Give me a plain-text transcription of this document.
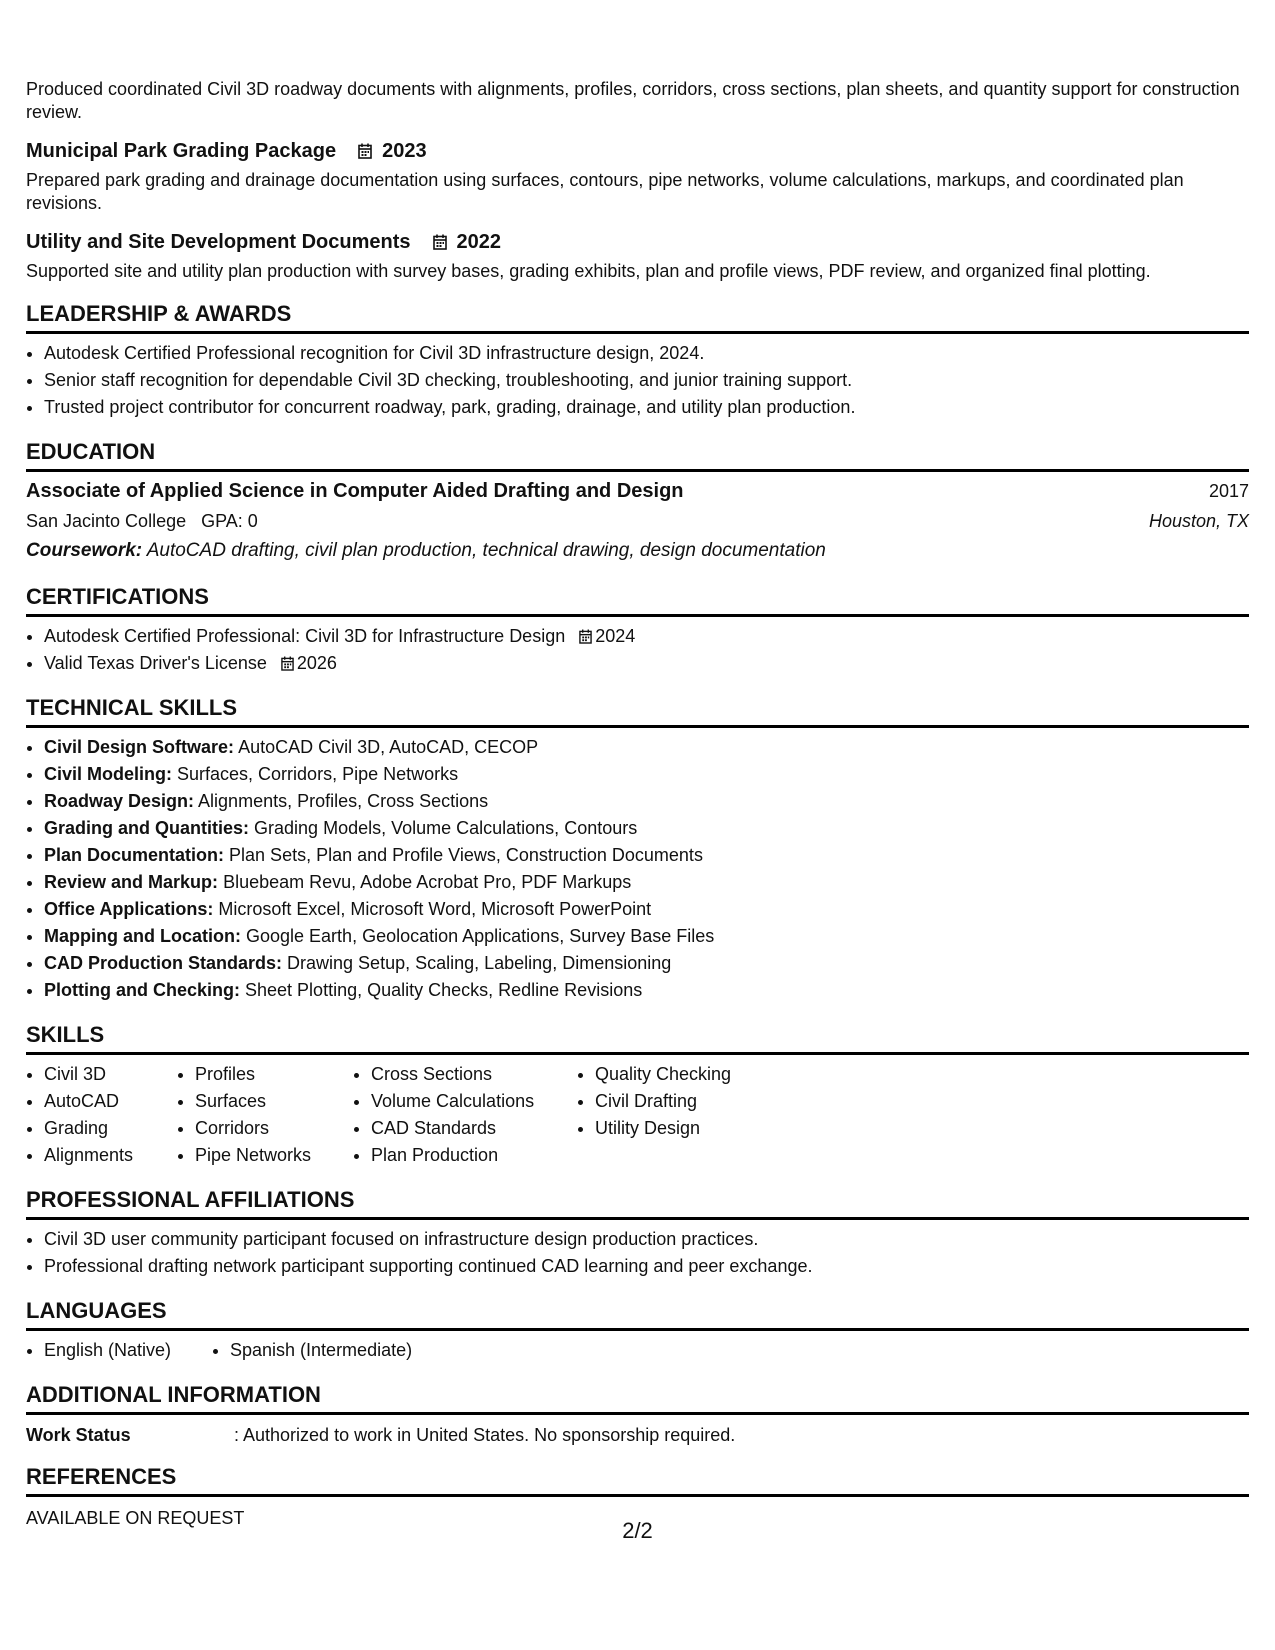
Produced coordinated Civil 3D roadway documents with alignments, profiles, corridors, cross sections, plan sheets, and quantity support for construction review.

Municipal Park Grading Package 2023

Prepared park grading and drainage documentation using surfaces, contours, pipe networks, volume calculations, markups, and coordinated plan revisions.

Utility and Site Development Documents 2022

Supported site and utility plan production with survey bases, grading exhibits, plan and profile views, PDF review, and organized final plotting.

LEADERSHIP & AWARDS
• Autodesk Certified Professional recognition for Civil 3D infrastructure design, 2024.
• Senior staff recognition for dependable Civil 3D checking, troubleshooting, and junior training support.
• Trusted project contributor for concurrent roadway, park, grading, drainage, and utility plan production.
EDUCATION
Associate of Applied Science in Computer Aided Drafting and Design	2017
San Jacinto College GPA: 0	Houston, TX
Coursework: AutoCAD drafting, civil plan production, technical drawing, design documentation
CERTIFICATIONS
• Autodesk Certified Professional: Civil 3D for Infrastructure Design 2024
• Valid Texas Driver's License 2026
TECHNICAL SKILLS
• Civil Design Software: AutoCAD Civil 3D, AutoCAD, CECOP
• Civil Modeling: Surfaces, Corridors, Pipe Networks
• Roadway Design: Alignments, Profiles, Cross Sections
• Grading and Quantities: Grading Models, Volume Calculations, Contours
• Plan Documentation: Plan Sets, Plan and Profile Views, Construction Documents
• Review and Markup: Bluebeam Revu, Adobe Acrobat Pro, PDF Markups
• Office Applications: Microsoft Excel, Microsoft Word, Microsoft PowerPoint
• Mapping and Location: Google Earth, Geolocation Applications, Survey Base Files
• CAD Production Standards: Drawing Setup, Scaling, Labeling, Dimensioning
• Plotting and Checking: Sheet Plotting, Quality Checks, Redline Revisions
SKILLS
• Civil 3D
• AutoCAD
• Grading
• Alignments
• Profiles
• Surfaces
• Corridors
• Pipe Networks
• Cross Sections
• Volume Calculations
• CAD Standards
• Plan Production
• Quality Checking
• Civil Drafting
• Utility Design
PROFESSIONAL AFFILIATIONS
• Civil 3D user community participant focused on infrastructure design production practices.
• Professional drafting network participant supporting continued CAD learning and peer exchange.
LANGUAGES
• English (Native)
•	Spanish (Intermediate)
ADDITIONAL INFORMATION
Work Status	: Authorized to work in United States. No sponsorship required.
REFERENCES

AVAILABLE ON REQUEST	2/2
